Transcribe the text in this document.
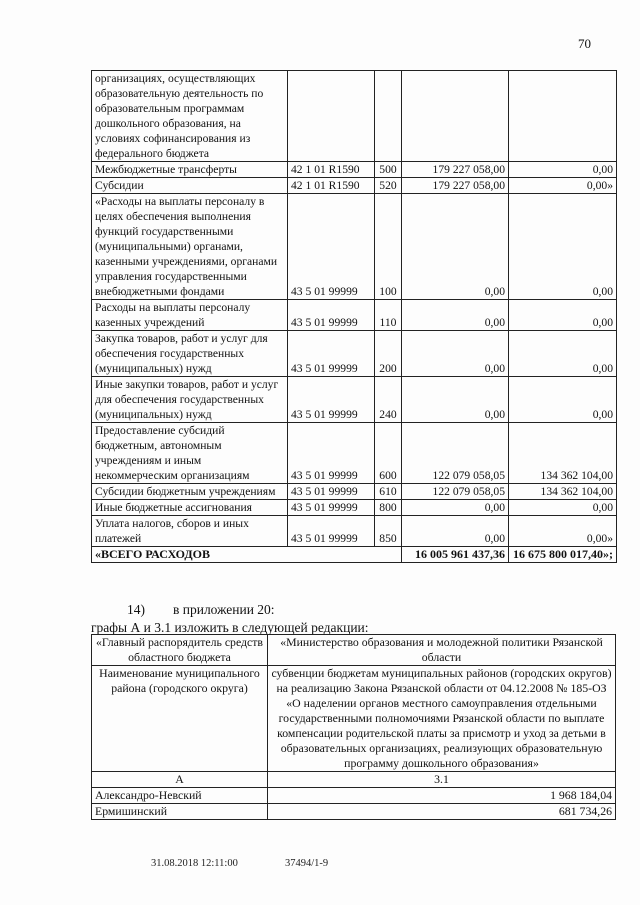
70
организациях, осуществляющих образовательную деятельность по образовательным программам дошкольного образования, на условиях софинансирования из федерального бюджета				
Межбюджетные трансферты	42 1 01 R1590	500	179 227 058,00	0,00
Субсидии	42 1 01 R1590	520	179 227 058,00	0,00»
«Расходы на выплаты персоналу в целях обеспечения выполнения функций государственными (муниципальными) органами, казенными учреждениями, органами управления государственными внебюджетными фондами	43 5 01 99999	100	0,00	0,00
Расходы на выплаты персоналу казенных учреждений	43 5 01 99999	110	0,00	0,00
Закупка товаров, работ и услуг для обеспечения государственных (муниципальных) нужд	43 5 01 99999	200	0,00	0,00
Иные закупки товаров, работ и услуг для обеспечения государственных (муниципальных) нужд	43 5 01 99999	240	0,00	0,00
Предоставление субсидий бюджетным, автономным учреждениям и иным некоммерческим организациям	43 5 01 99999	600	122 079 058,05	134 362 104,00
Субсидии бюджетным учреждениям	43 5 01 99999	610	122 079 058,05	134 362 104,00
Иные бюджетные ассигнования	43 5 01 99999	800	0,00	0,00
Уплата налогов, сборов и иных платежей	43 5 01 99999	850	0,00	0,00»
«ВСЕГО РАСХОДОВ			16 005 961 437,36	16 675 800 017,40»;
14) в приложении 20:
графы А и 3.1 изложить в следующей редакции:
«Главный распорядитель средств областного бюджета	«Министерство образования и молодежной политики Рязанской области
Наименование муниципального района (городского округа)	субвенции бюджетам муниципальных районов (городских округов) на реализацию Закона Рязанской области от 04.12.2008 № 185-ОЗ «О наделении органов местного самоуправления отдельными государственными полномочиями Рязанской области по выплате компенсации родительской платы за присмотр и уход за детьми в образовательных организациях, реализующих образовательную программу дошкольного образования»
А	3.1
Александро-Невский	1 968 184,04
Ермишинский	681 734,26
31.08.2018 12:11:00	37494/1-9
